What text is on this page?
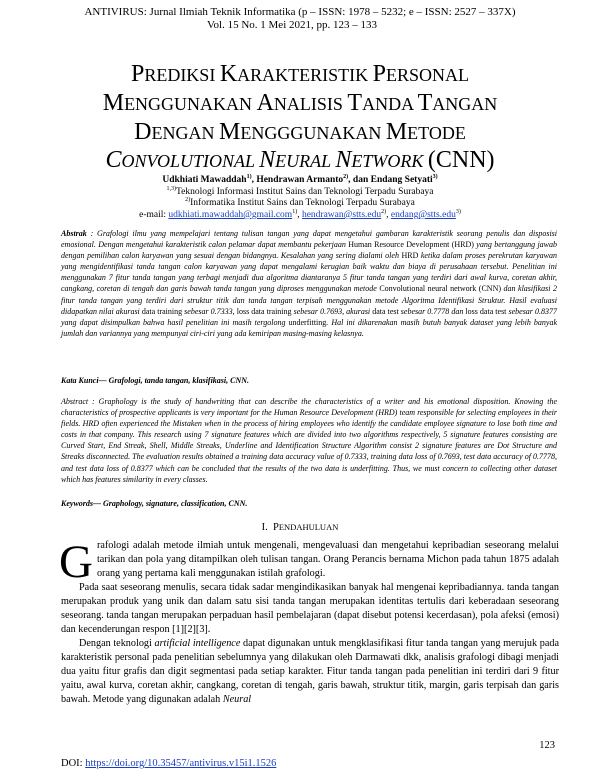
ANTIVIRUS: Jurnal Ilmiah Teknik Informatika (p – ISSN: 1978 – 5232; e – ISSN: 2527 – 337X)
Vol. 15 No. 1 Mei 2021, pp. 123 – 133
PREDIKSI KARAKTERISTIK PERSONAL
MENGGUNAKAN ANALISIS TANDA TANGAN
DENGAN MENGGGUNAKAN METODE
CONVOLUTIONAL NEURAL NETWORK (CNN)
Udkhiati Mawaddah$^{1)}$, Hendrawan Armanto$^{2)}$, dan Endang Setyati$^{3)}$
$^{1,3)}$Teknologi Informasi Institut Sains dan Teknologi Terpadu Surabaya
$^{2)}$Informatika Institut Sains dan Teknologi Terpadu Surabaya
e-mail: udkhiati.mawaddah@gmail.com$^{1)}$, hendrawan@stts.edu$^{2)}$, endang@stts.edu$^{3)}$
Abstrak : Grafologi ilmu yang mempelajari tentang tulisan tangan yang dapat mengetahui gambaran karakteristik seorang penulis dan disposisi emosional. Dengan mengetahui karakteristik calon pelamar dapat membantu pekerjaan Human Resource Development (HRD) yang bertanggung jawab dengan pemilihan calon karyawan yang sesuai dengan bidangnya. Kesalahan yang sering dialami oleh HRD ketika dalam proses perekrutan karyawan yang mengidentifikasi tanda tangan calon karyawan yang dapat mengalami kerugian baik waktu dan biaya di perusahaan tersebut. Penelitian ini menggunakan 7 fitur tanda tangan yang terbagi menjadi dua algoritma diantaranya 5 fitur tanda tangan yang terdiri dari awal kurva, coretan akhir, cangkang, coretan di tengah dan garis bawah tanda tangan yang diproses menggunakan metode Convolutional neural network (CNN) dan klasifikasi 2 fitur tanda tangan yang terdiri dari struktur titik dan tanda tangan terpisah menggunakan metode Algoritma Identifikasi Struktur. Hasil evaluasi didapatkan nilai akurasi data training sebesar 0.7333, loss data training sebesar 0.7693, akurasi data test sebesar 0.7778 dan loss data test sebesar 0.8377 yang dapat disimpulkan bahwa hasil penelitian ini masih tergolong underfitting. Hal ini dikarenakan masih butuh banyak dataset yang lebih banyak jumlah dan variannya yang mempunyai ciri-ciri yang ada kemiripan masing-masing kelasnya.
Kata Kunci— Grafologi, tanda tangan, klasifikasi, CNN.
Abstract : Graphology is the study of handwriting that can describe the characteristics of a writer and his emotional disposition. Knowing the characteristics of prospective applicants is very important for the Human Resource Development (HRD) team responsible for selecting employees in their fields. HRD often experienced the Mistaken when in the process of hiring employees who identify the candidate employee signature to lose both time and costs in that company. This research using 7 signature features which are divided into two algorithms respectively, 5 signature features consisting are Curved Start, End Streak, Shell, Middle Streaks, Underline and Identification Structure Algorithm consist 2 signature features are Dot Structure and Streaks disconnected. The evaluation results obtained a training data accuracy value of 0.7333, training data loss of 0.7693, test data accuracy of 0.7778, and test data loss of 0.8377 which can be concluded that the results of the two data is underfitting. Thus, we must concern to collecting other dataset which has features similarity in every classes.
Keywords— Graphology, signature, classification, CNN.
I. PENDAHULUAN

Grafologi adalah metode ilmiah untuk mengenali, mengevaluasi dan mengetahui kepribadian seseorang melalui tarikan dan pola yang ditampilkan oleh tulisan tangan. Orang Perancis bernama Michon pada tahun 1875 adalah orang yang pertama kali menggunakan istilah grafologi.

Pada saat seseorang menulis, secara tidak sadar mengindikasikan banyak hal mengenai kepribadiannya. tanda tangan merupakan produk yang unik dan dalam satu sisi tanda tangan merupakan identitas tertulis dari keberadaan seseorang seseorang. tanda tangan merupakan perpaduan hasil pembelajaran (dapat disebut potensi kecerdasan), pola afeksi (emosi) dan kecenderungan respon [1][2][3].

Dengan teknologi artificial intelligence dapat digunakan untuk mengklasifikasi fitur tanda tangan yang merujuk pada karakteristik personal pada penelitian sebelumnya yang dilakukan oleh Darmawati dkk, analisis grafologi dibagi menjadi dua yaitu fitur grafis dan digit segmentasi pada setiap karakter. Fitur tanda tangan pada penelitian ini terdiri dari 9 fitur yaitu, awal kurva, coretan akhir, cangkang, coretan di tengah, garis bawah, struktur titik, margin, garis terpisah dan garis bawah. Metode yang digunakan adalah Neural

123
DOI: https://doi.org/10.35457/antivirus.v15i1.1526
